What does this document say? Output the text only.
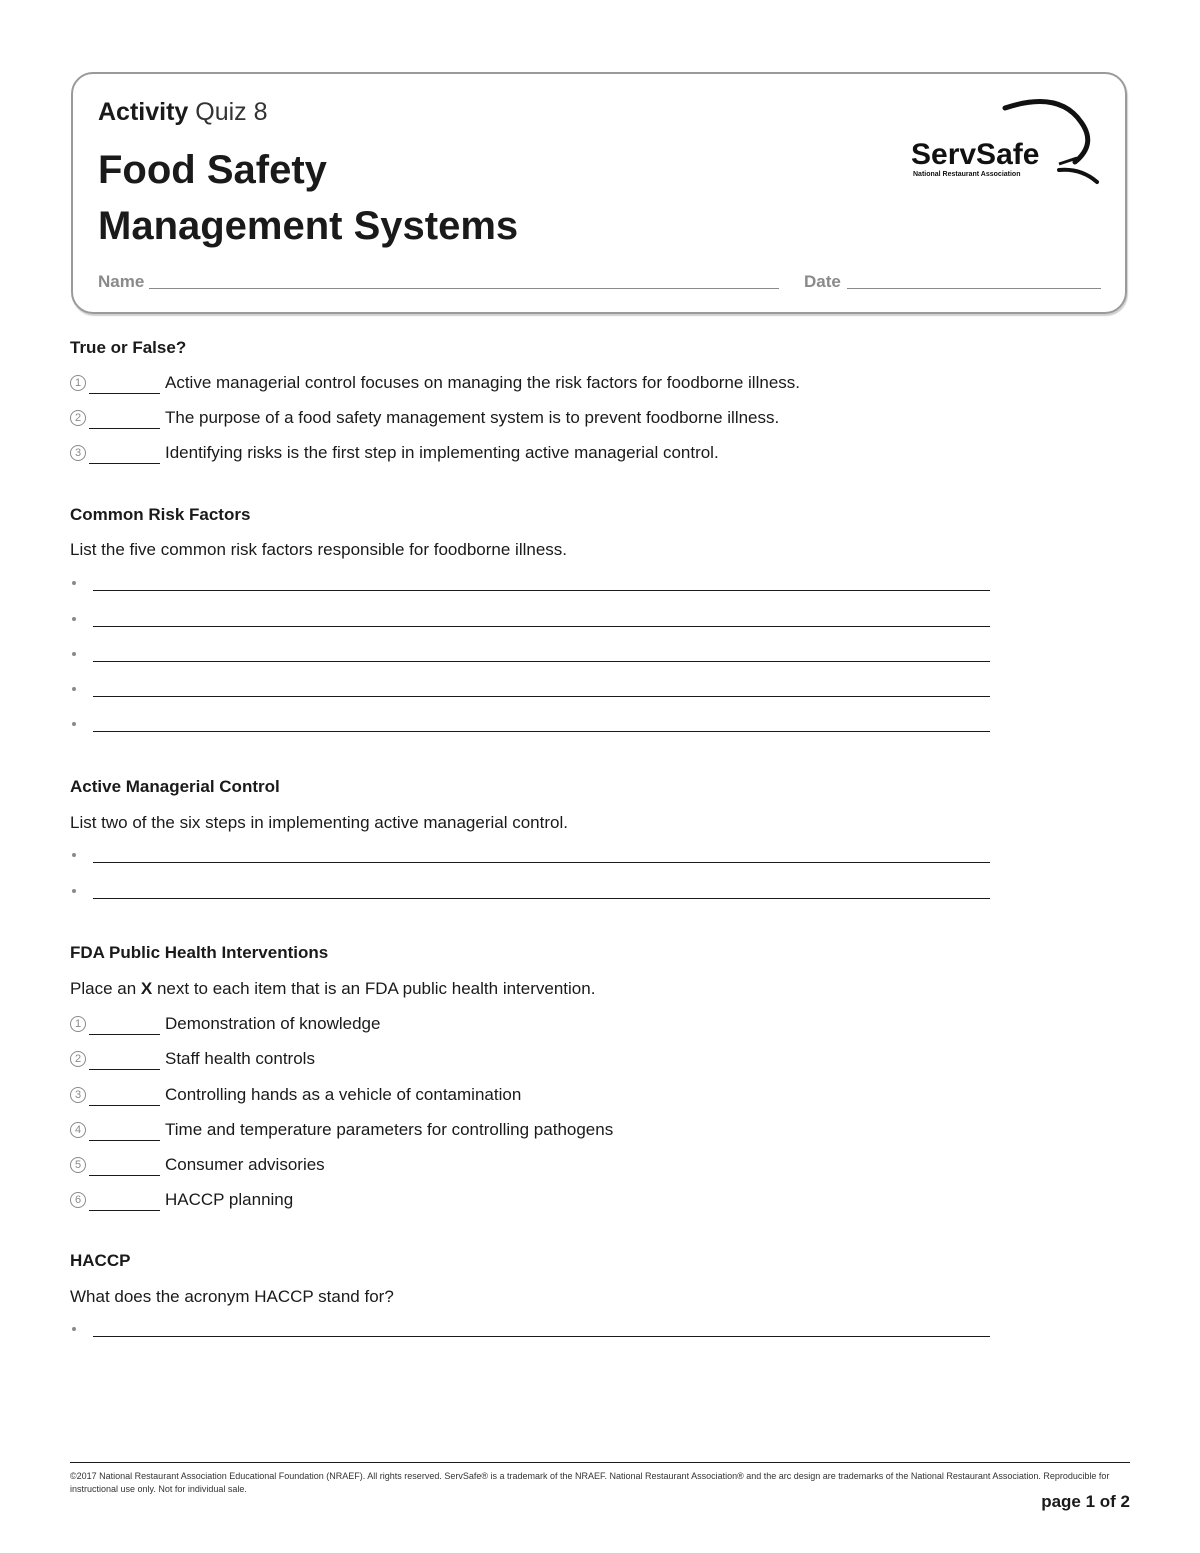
Activity Quiz 8
Food Safety
Management Systems
ServSafe
National Restaurant Association
Name	Date
True or False?
1	Active managerial control focuses on managing the risk factors for foodborne illness.
2	The purpose of a food safety management system is to prevent foodborne illness.
3	Identifying risks is the first step in implementing active managerial control.
Common Risk Factors
List the five common risk factors responsible for foodborne illness.
Active Managerial Control
List two of the six steps in implementing active managerial control.
FDA Public Health Interventions
Place an X next to each item that is an FDA public health intervention.
1	Demonstration of knowledge
2	Staff health controls
3	Controlling hands as a vehicle of contamination
4	Time and temperature parameters for controlling pathogens
5	Consumer advisories
6	HACCP planning
HACCP
What does the acronym HACCP stand for?

©2017 National Restaurant Association Educational Foundation (NRAEF). All rights reserved. ServSafe® is a trademark of the NRAEF. National Restaurant Association® and the arc design are trademarks of the National Restaurant Association. Reproducible for instructional use only. Not for individual sale.

page 1 of 2
